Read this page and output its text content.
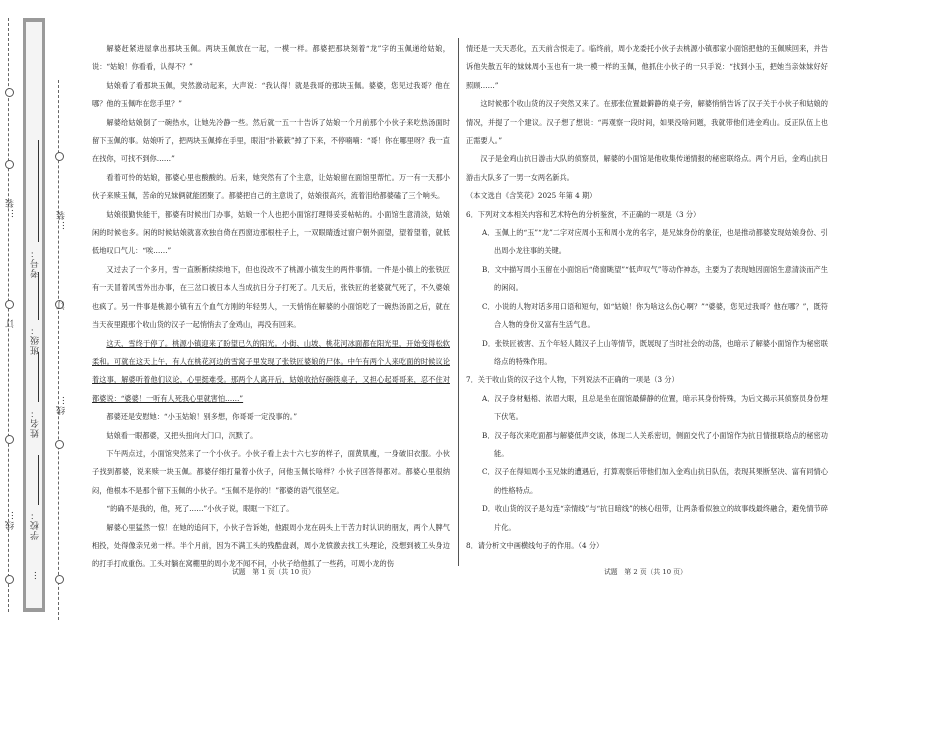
…装
订
线…
…装
订
线…
学校：
姓名：
班级：
考号：
…

解婆赶紧进屋拿出那块玉佩。两块玉佩放在一起，一模一样。都婆把那块刻着“龙”字的玉佩递给姑娘，说：“姑娘！你看看，认得不？”

姑娘看了看那块玉佩，突然激动起来，大声说：“我认得！就是我哥的那块玉佩。婆婆，您见过我哥？他在哪？他的玉佩咋在您手里？”

解婆给姑娘倒了一碗热水，让她先冷静一些。然后就一五一十告诉了姑娘一个月前那个小伙子来吃热汤面时留下玉佩的事。姑娘听了，把两块玉佩捧在手里，眼泪“扑簌簌”掉了下来，不停喃喃：“哥！你在哪里呀？我一直在找你，可找不到你……”

看着可怜的姑娘，都婆心里也酸酸的。后来，她突然有了个主意，让姑娘留在面馆里帮忙。万一有一天那小伙子来赎玉佩，苦命的兄妹俩就能团聚了。都婆把自己的主意说了，姑娘很高兴，流着泪给都婆磕了三个响头。

姑娘很勤快能干，都婆有时候出门办事，姑娘一个人也把小面馆打理得妥妥帖帖的。小面馆生意清淡，姑娘闲的时候也多。闲的时候姑娘就喜欢独自倚在西窗边那根柱子上，一双眼睛透过窗户朝外面望，望着望着，就低低地叹口气儿：“唉……”

又过去了一个多月，雪一直断断续续地下，但也没改不了桃源小镇发生的两件事情。一件是小镇上的张铁匠有一天冒着风雪外出办事，在三岔口被日本人当成抗日分子打死了。几天后，张铁匠的老婆就气死了，不久婆娘也疯了。另一件事是桃源小镇有五个血气方刚的年轻男人，一天悄悄在解婆的小面馆吃了一碗热汤面之后，就在当天夜里跟那个收山货的汉子一起悄悄去了金鸡山，再没有回来。

这天，雪终于停了。桃源小镇迎来了盼望已久的阳光。小街、山坡、桃花河冰面都在阳光里，开始变得松软柔和。可就在这天上午，有人在桃花河边的雪窝子里发现了张铁匠婆娘的尸体。中午有两个人来吃面的时候议论着这事，解婆听着他们议论，心里挺难受。那两个人离开后，姑娘收拾好碗筷桌子，又担心起哥哥来，忍不住对都婆说：“婆婆！一听有人死我心里就害怕……”

都婆还是安慰她：“小玉姑娘！别多想，你哥哥一定没事的。”

姑娘看一眼都婆，又把头扭向大门口，沉默了。

下午两点过，小面馆突然来了一个小伙子。小伙子看上去十六七岁的样子，面黄肌瘦，一身破旧衣服。小伙子找到都婆，说来赎一块玉佩。都婆仔细打量着小伙子，问他玉佩长啥样？小伙子回答得都对。都婆心里很纳闷，他根本不是那个留下玉佩的小伙子。“玉佩不是你的！”都婆的语气很坚定。

“的确不是我的，他，死了……”小伙子说，眼眶一下红了。

解婆心里猛然一惊！在她的追问下，小伙子告诉她，他跟周小龙在码头上干苦力时认识的朋友，两个人脾气相投，处得像亲兄弟一样。半个月前，因为不满工头的残酷盘剥，周小龙愤激去找工头理论，没想到被工头身边的打手打成重伤。工头对躺在窝棚里的周小龙不闻不问，小伙子给他抓了一些药，可周小龙的伤

情还是一天天恶化，五天前含恨走了。临终前，周小龙委托小伙子去桃源小镇那家小面馆把他的玉佩赎回来，并告诉他失散五年的妹妹周小玉也有一块一模一样的玉佩，他抓住小伙子的一只手说：“找到小玉，把她当亲妹妹好好照顾……”

这时候那个收山货的汉子突然又来了。在那张位置最僻静的桌子旁，解婆悄悄告诉了汉子关于小伙子和姑娘的情况，并提了一个建议。汉子想了想说：“再观察一段时间，如果没啥问题，我就带他们进金鸡山。反正队伍上也正需要人。”

汉子是金鸡山抗日游击大队的侦察员，解婆的小面馆是他收集传递情报的秘密联络点。两个月后，金鸡山抗日游击大队多了一男一女两名新兵。

（本文选自《含笑花》2025 年第 4 期）

6．下列对文本相关内容和艺术特色的分析鉴赏，不正确的一项是（3 分）

A．玉佩上的“玉”“龙”二字对应周小玉和周小龙的名字，是兄妹身份的象征，也是推动都婆发现姑娘身份、引出周小龙往事的关键。

B．文中描写周小玉留在小面馆后“倚窗眺望”“低声叹气”等动作神态，主要为了表现她因面馆生意清淡而产生的闲闷。

C．小说的人物对话多用口语和短句，如“姑娘！你为啥这么伤心啊？”“婆婆，您见过我哥？他在哪？”，既符合人物的身份又富有生活气息。

D．张铁匠被害、五个年轻人随汉子上山等情节，既展现了当时社会的动荡，也暗示了解婆小面馆作为秘密联络点的特殊作用。

7．关于收山货的汉子这个人物，下列说法不正确的一项是（3 分）

A．汉子身材魁梧、浓眉大眼，且总是坐在面馆最僻静的位置，暗示其身份特殊，为后文揭示其侦察员身份埋下伏笔。

B．汉子每次来吃面都与解婆低声交谈，体现二人关系密切，侧面交代了小面馆作为抗日情报联络点的秘密功能。

C．汉子在得知周小玉兄妹的遭遇后，打算观察后带他们加入金鸡山抗日队伍，表现其果断坚决、富有同情心的性格特点。

D．收山货的汉子是勾连“亲情线”与“抗日暗线”的核心纽带，让两条看似独立的故事线最终融合，避免情节碎片化。

8．请分析文中画横线句子的作用。（4 分）

试题　第 1 页（共 10 页）	试题　第 2 页（共 10 页）
